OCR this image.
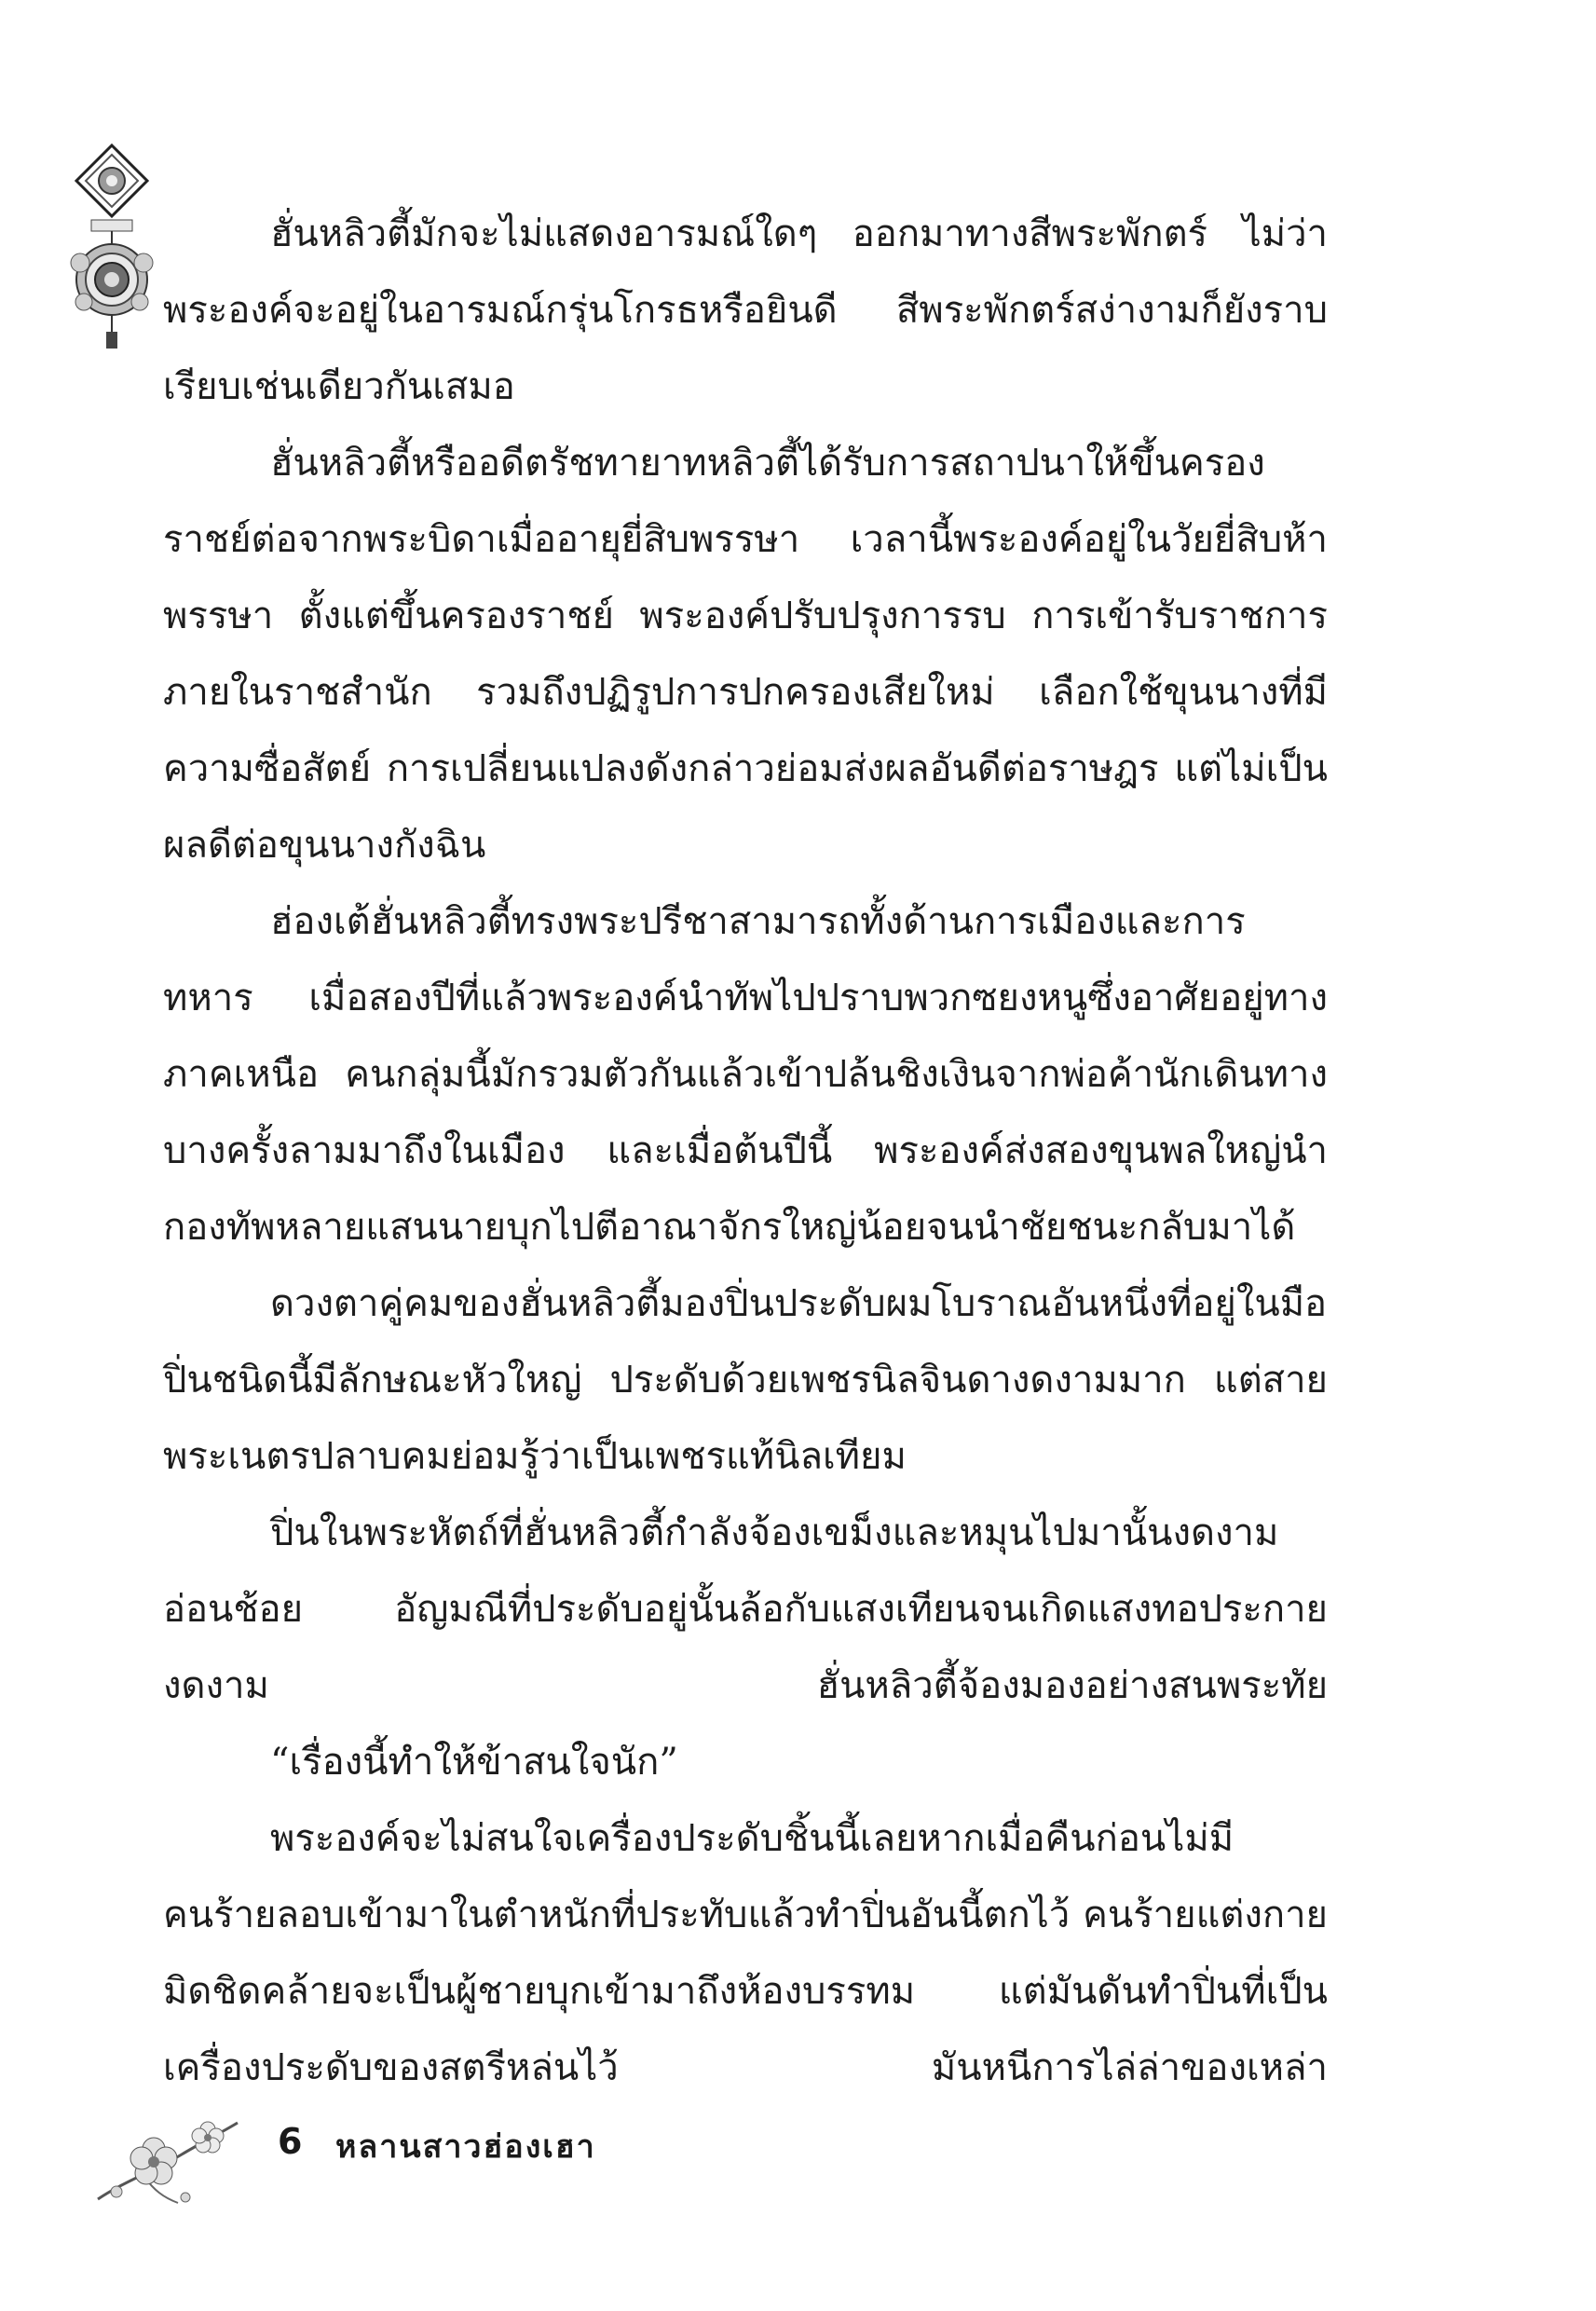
ฮั่นหลิวตี้มักจะไม่แสดงอารมณ์ใดๆ ออกมาทางสีพระพักตร์ ไม่ว่าพระองค์จะอยู่ในอารมณ์กรุ่นโกรธหรือยินดี สีพระพักตร์สง่างามก็ยังราบเรียบเช่นเดียวกันเสมอ

ฮั่นหลิวตี้หรืออดีตรัชทายาทหลิวตี้ได้รับการสถาปนาให้ขึ้นครองราชย์ต่อจากพระบิดาเมื่ออายุยี่สิบพรรษา เวลานี้พระองค์อยู่ในวัยยี่สิบห้าพรรษา ตั้งแต่ขึ้นครองราชย์ พระองค์ปรับปรุงการรบ การเข้ารับราชการภายในราชสำนัก รวมถึงปฏิรูปการปกครองเสียใหม่ เลือกใช้ขุนนางที่มีความซื่อสัตย์ การเปลี่ยนแปลงดังกล่าวย่อมส่งผลอันดีต่อราษฎร แต่ไม่เป็นผลดีต่อขุนนางกังฉิน

ฮ่องเต้ฮั่นหลิวตี้ทรงพระปรีชาสามารถทั้งด้านการเมืองและการทหาร เมื่อสองปีที่แล้วพระองค์นำทัพไปปราบพวกซยงหนูซึ่งอาศัยอยู่ทางภาคเหนือ คนกลุ่มนี้มักรวมตัวกันแล้วเข้าปล้นชิงเงินจากพ่อค้านักเดินทาง บางครั้งลามมาถึงในเมือง และเมื่อต้นปีนี้ พระองค์ส่งสองขุนพลใหญ่นำกองทัพหลายแสนนายบุกไปตีอาณาจักรใหญ่น้อยจนนำชัยชนะกลับมาได้

ดวงตาคู่คมของฮั่นหลิวตี้มองปิ่นประดับผมโบราณอันหนึ่งที่อยู่ในมือ ปิ่นชนิดนี้มีลักษณะหัวใหญ่ ประดับด้วยเพชรนิลจินดางดงามมาก แต่สายพระเนตรปลาบคมย่อมรู้ว่าเป็นเพชรแท้นิลเทียม

ปิ่นในพระหัตถ์ที่ฮั่นหลิวตี้กำลังจ้องเขม็งและหมุนไปมานั้นงดงามอ่อนช้อย อัญมณีที่ประดับอยู่นั้นล้อกับแสงเทียนจนเกิดแสงทอประกายงดงาม ฮั่นหลิวตี้จ้องมองอย่างสนพระทัย

“เรื่องนี้ทำให้ข้าสนใจนัก”

พระองค์จะไม่สนใจเครื่องประดับชิ้นนี้เลยหากเมื่อคืนก่อนไม่มีคนร้ายลอบเข้ามาในตำหนักที่ประทับแล้วทำปิ่นอันนี้ตกไว้ คนร้ายแต่งกายมิดชิดคล้ายจะเป็นผู้ชายบุกเข้ามาถึงห้องบรรทม แต่มันดันทำปิ่นที่เป็นเครื่องประดับของสตรีหล่นไว้ มันหนีการไล่ล่าของเหล่า

6 หลานสาวฮ่องเฮา
